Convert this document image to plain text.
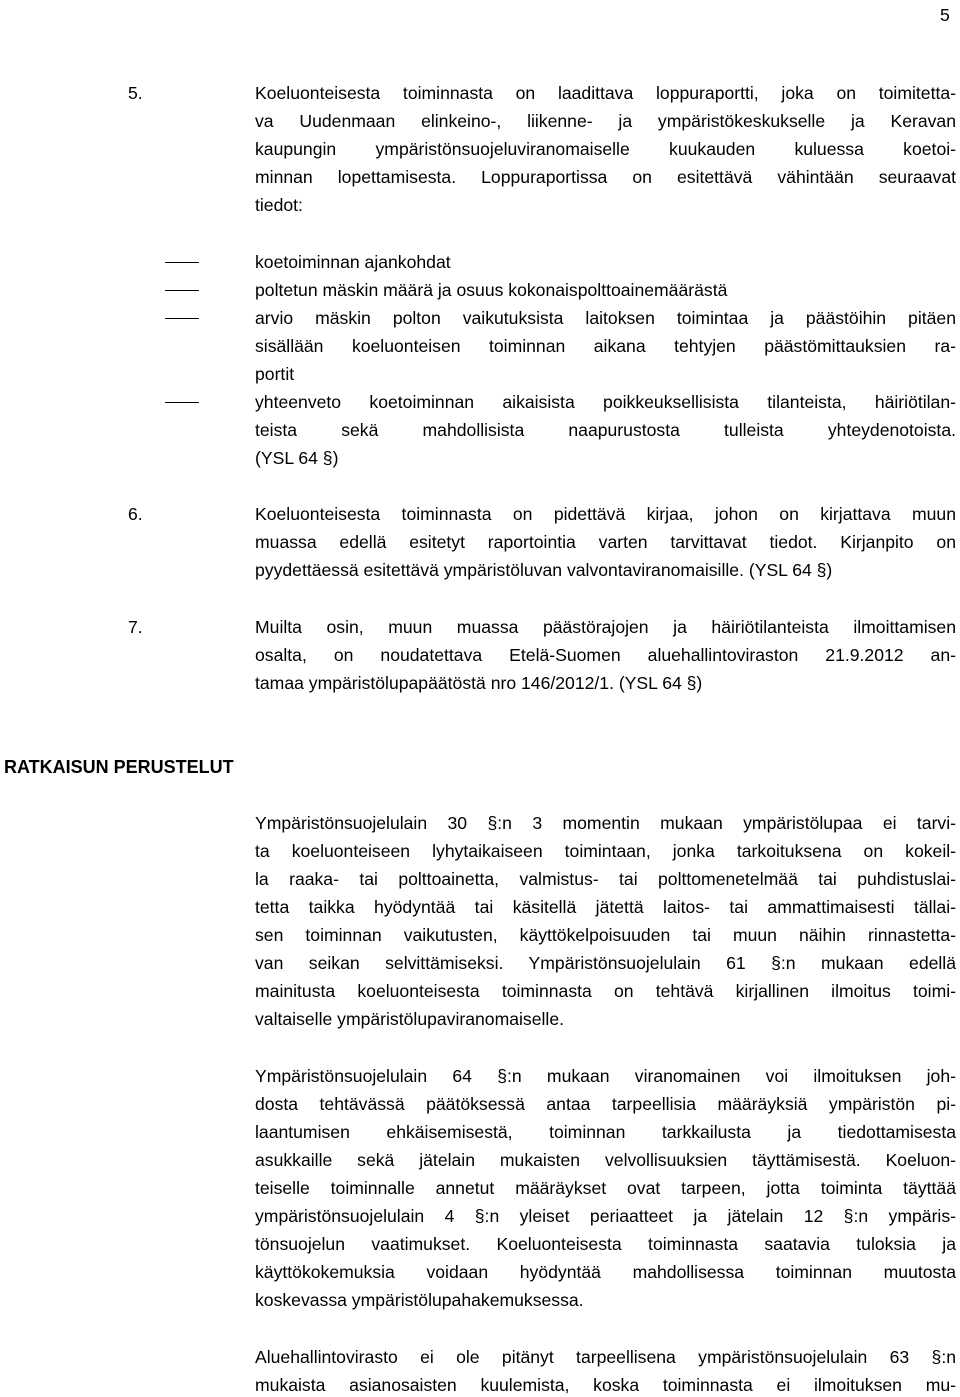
5
5.	Koeluonteisesta toiminnasta on laadittava loppuraportti, joka on toimitetta-
va Uudenmaan elinkeino-, liikenne- ja ympäristökeskukselle ja Keravan
kaupungin ympäristönsuojeluviranomaiselle kuukauden kuluessa koetoi-
minnan lopettamisesta. Loppuraportissa on esitettävä vähintään seuraavat
tiedot:
koetoiminnan ajankohdat
poltetun mäskin määrä ja osuus kokonaispolttoainemäärästä
arvio mäskin polton vaikutuksista laitoksen toimintaa ja päästöihin pitäen
sisällään koeluonteisen toiminnan aikana tehtyjen päästömittauksien ra-
portit
yhteenveto koetoiminnan aikaisista poikkeuksellisista tilanteista, häiriötilan-
teista sekä mahdollisista naapurustosta tulleista yhteydenotoista.
(YSL 64 §)
6.	Koeluonteisesta toiminnasta on pidettävä kirjaa, johon on kirjattava muun
muassa edellä esitetyt raportointia varten tarvittavat tiedot. Kirjanpito on
pyydettäessä esitettävä ympäristöluvan valvontaviranomaisille. (YSL 64 §)
7.	Muilta osin, muun muassa päästörajojen ja häiriötilanteista ilmoittamisen
osalta, on noudatettava Etelä-Suomen aluehallintoviraston 21.9.2012 an-
tamaa ympäristölupapäätöstä nro 146/2012/1. (YSL 64 §)
RATKAISUN PERUSTELUT
Ympäristönsuojelulain 30 §:n 3 momentin mukaan ympäristölupaa ei tarvi-
ta koeluonteiseen lyhytaikaiseen toimintaan, jonka tarkoituksena on kokeil-
la raaka- tai polttoainetta, valmistus- tai polttomenetelmää tai puhdistuslai-
tetta taikka hyödyntää tai käsitellä jätettä laitos- tai ammattimaisesti tällai-
sen toiminnan vaikutusten, käyttökelpoisuuden tai muun näihin rinnastetta-
van seikan selvittämiseksi. Ympäristönsuojelulain 61 §:n mukaan edellä
mainitusta koeluonteisesta toiminnasta on tehtävä kirjallinen ilmoitus toimi-
valtaiselle ympäristölupaviranomaiselle.
Ympäristönsuojelulain 64 §:n mukaan viranomainen voi ilmoituksen joh-
dosta tehtävässä päätöksessä antaa tarpeellisia määräyksiä ympäristön pi-
laantumisen ehkäisemisestä, toiminnan tarkkailusta ja tiedottamisesta
asukkaille sekä jätelain mukaisten velvollisuuksien täyttämisestä. Koeluon-
teiselle toiminnalle annetut määräykset ovat tarpeen, jotta toiminta täyttää
ympäristönsuojelulain 4 §:n yleiset periaatteet ja jätelain 12 §:n ympäris-
tönsuojelun vaatimukset. Koeluonteisesta toiminnasta saatavia tuloksia ja
käyttökokemuksia voidaan hyödyntää mahdollisessa toiminnan muutosta
koskevassa ympäristölupahakemuksessa.
Aluehallintovirasto ei ole pitänyt tarpeellisena ympäristönsuojelulain 63 §:n
mukaista asianosaisten kuulemista, koska toiminnasta ei ilmoituksen mu-
